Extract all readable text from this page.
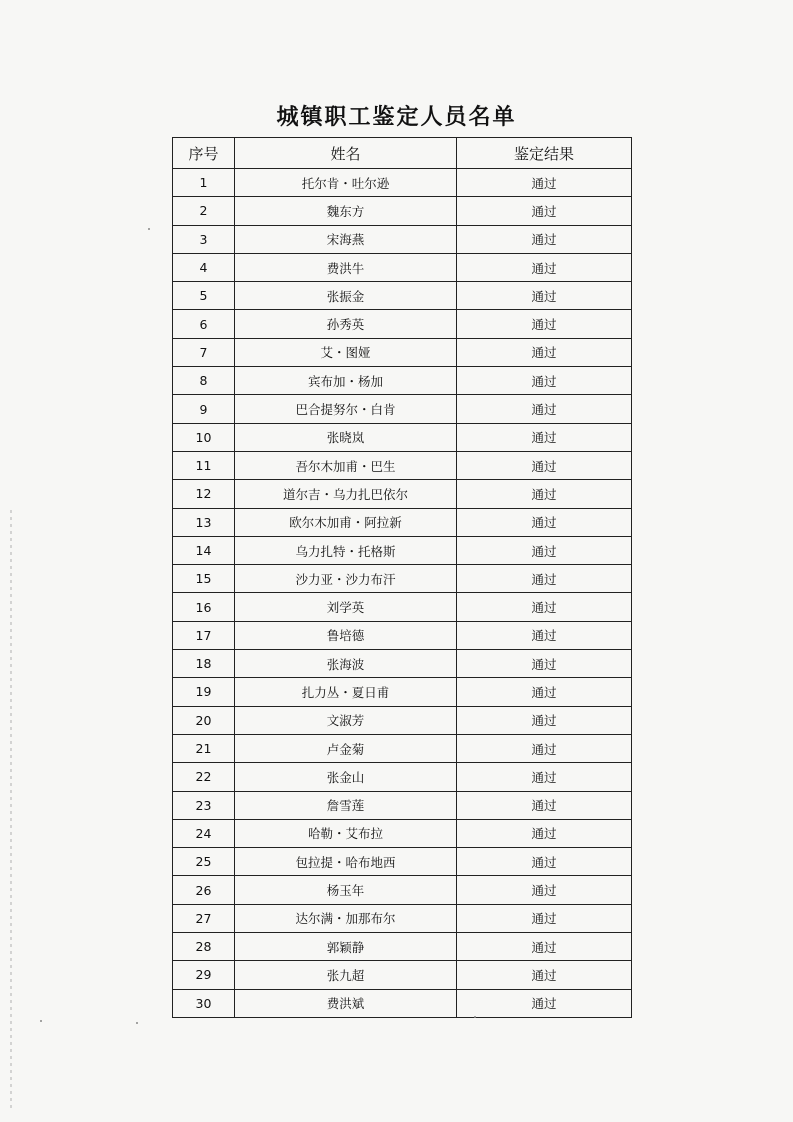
城镇职工鉴定人员名单
序号	姓名	鉴定结果
1	托尔肯・吐尔逊	通过
2	魏东方	通过
3	宋海燕	通过
4	费洪牛	通过
5	张振金	通过
6	孙秀英	通过
7	艾・图娅	通过
8	宾布加・杨加	通过
9	巴合提努尔・白肯	通过
10	张晓岚	通过
11	吾尔木加甫・巴生	通过
12	道尔吉・乌力扎巴依尔	通过
13	欧尔木加甫・阿拉新	通过
14	乌力扎特・托格斯	通过
15	沙力亚・沙力布汗	通过
16	刘学英	通过
17	鲁培德	通过
18	张海波	通过
19	扎力丛・夏日甫	通过
20	文淑芳	通过
21	卢金菊	通过
22	张金山	通过
23	詹雪莲	通过
24	哈勒・艾布拉	通过
25	包拉提・哈布地西	通过
26	杨玉年	通过
27	达尔满・加那布尔	通过
28	郭颖静	通过
29	张九超	通过
30	费洪斌	通过
